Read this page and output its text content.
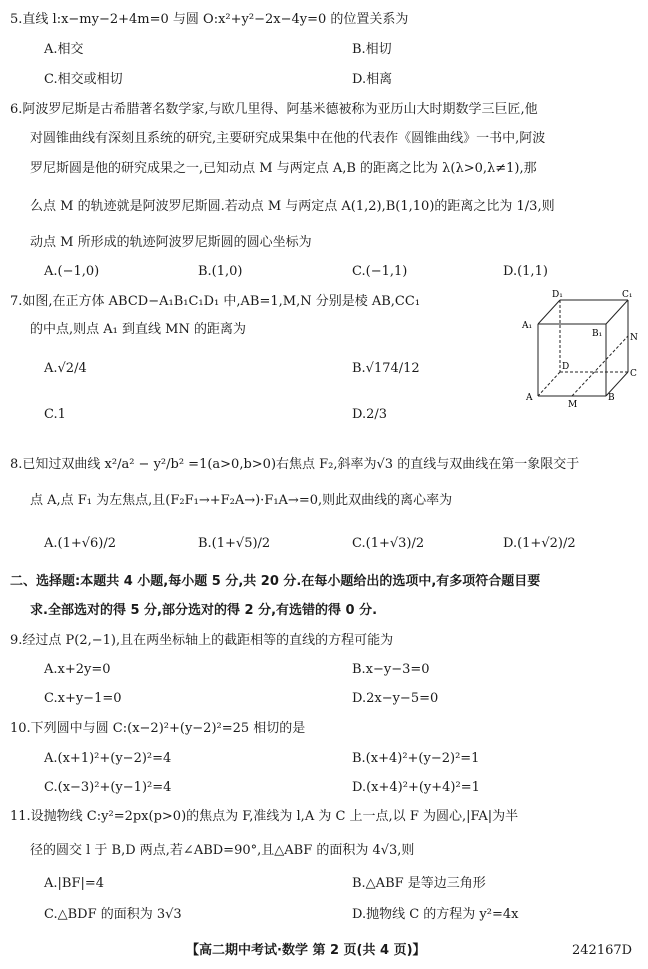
5.直线 l:x−my−2+4m=0 与圆 O:x²+y²−2x−4y=0 的位置关系为
A.相交	B.相切
C.相交或相切	D.相离
6.阿波罗尼斯是古希腊著名数学家,与欧几里得、阿基米德被称为亚历山大时期数学三巨匠,他
对圆锥曲线有深刻且系统的研究,主要研究成果集中在他的代表作《圆锥曲线》一书中,阿波
罗尼斯圆是他的研究成果之一,已知动点 M 与两定点 A,B 的距离之比为 λ(λ>0,λ≠1),那
么点 M 的轨迹就是阿波罗尼斯圆.若动点 M 与两定点 A(1,2),B(1,10)的距离之比为 1/3,则
动点 M 所形成的轨迹阿波罗尼斯圆的圆心坐标为
A.(−1,0)	B.(1,0)	C.(−1,1)	D.(1,1)
7.如图,在正方体 ABCD−A₁B₁C₁D₁ 中,AB=1,M,N 分别是棱 AB,CC₁
的中点,则点 A₁ 到直线 MN 的距离为
A.√2/4	B.√174/12
C.1	D.2/3
D₁	C₁
A₁
B₁	N
D
C
A
M
B
8.已知过双曲线 x²/a² − y²/b² =1(a>0,b>0)右焦点 F₂,斜率为√3 的直线与双曲线在第一象限交于
点 A,点 F₁ 为左焦点,且(F₂F₁→+F₂A→)·F₁A→=0,则此双曲线的离心率为
A.(1+√6)/2	B.(1+√5)/2	C.(1+√3)/2	D.(1+√2)/2
二、选择题:本题共 4 小题,每小题 5 分,共 20 分.在每小题给出的选项中,有多项符合题目要
求.全部选对的得 5 分,部分选对的得 2 分,有选错的得 0 分.
9.经过点 P(2,−1),且在两坐标轴上的截距相等的直线的方程可能为
A.x+2y=0	B.x−y−3=0
C.x+y−1=0	D.2x−y−5=0
10.下列圆中与圆 C:(x−2)²+(y−2)²=25 相切的是
A.(x+1)²+(y−2)²=4	B.(x+4)²+(y−2)²=1
C.(x−3)²+(y−1)²=4	D.(x+4)²+(y+4)²=1
11.设抛物线 C:y²=2px(p>0)的焦点为 F,准线为 l,A 为 C 上一点,以 F 为圆心,|FA|为半
径的圆交 l 于 B,D 两点,若∠ABD=90°,且△ABF 的面积为 4√3,则
A.|BF|=4	B.△ABF 是等边三角形
C.△BDF 的面积为 3√3	D.抛物线 C 的方程为 y²=4x
【高二期中考试·数学 第 2 页(共 4 页)】	242167D
